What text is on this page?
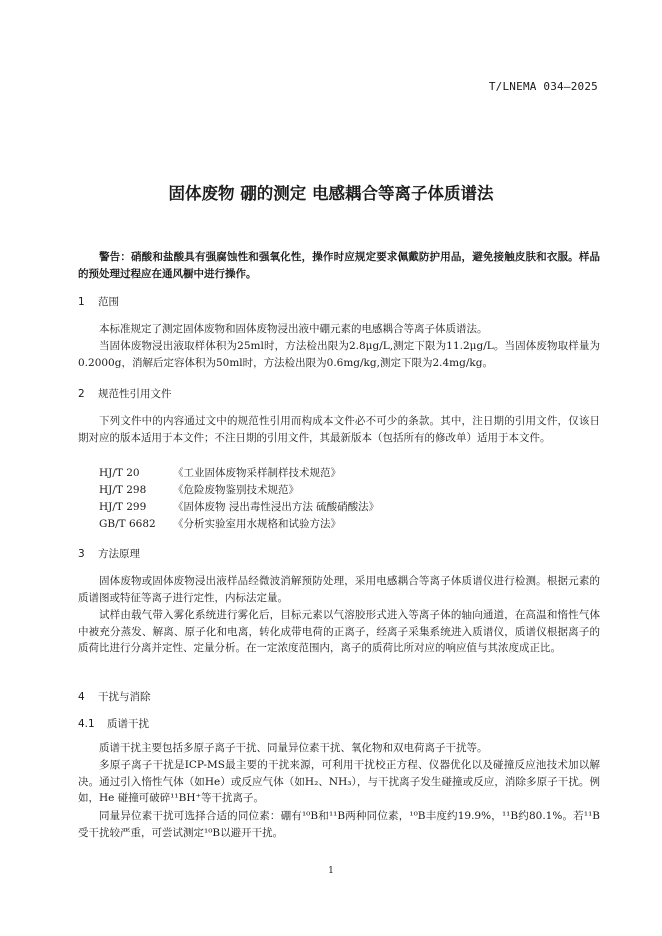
T/LNEMA 034—2025
固体废物 硼的测定 电感耦合等离子体质谱法
警告：硝酸和盐酸具有强腐蚀性和强氧化性，操作时应规定要求佩戴防护用品，避免接触皮肤和衣服。样品的预处理过程应在通风橱中进行操作。
1 范围
本标准规定了测定固体废物和固体废物浸出液中硼元素的电感耦合等离子体质谱法。
当固体废物浸出液取样体积为25ml时，方法检出限为2.8μg/L,测定下限为11.2μg/L。当固体废物取样量为0.2000g，消解后定容体积为50ml时，方法检出限为0.6mg/kg,测定下限为2.4mg/kg。
2 规范性引用文件
下列文件中的内容通过文中的规范性引用而构成本文件必不可少的条款。其中，注日期的引用文件，仅该日期对应的版本适用于本文件；不注日期的引用文件，其最新版本（包括所有的修改单）适用于本文件。
HJ/T 20	《工业固体废物采样制样技术规范》
HJ/T 298	《危险废物鉴别技术规范》
HJ/T 299	《固体废物 浸出毒性浸出方法 硫酸硝酸法》
GB/T 6682 《分析实验室用水规格和试验方法》
3 方法原理
固体废物或固体废物浸出液样品经微波消解预防处理，采用电感耦合等离子体质谱仪进行检测。根据元素的质谱图或特征等离子进行定性，内标法定量。
试样由载气带入雾化系统进行雾化后，目标元素以气溶胶形式进入等离子体的轴向通道，在高温和惰性气体中被充分蒸发、解离、原子化和电离，转化成带电荷的正离子，经离子采集系统进入质谱仪，质谱仪根据离子的质荷比进行分离并定性、定量分析。在一定浓度范围内，离子的质荷比所对应的响应值与其浓度成正比。
4 干扰与消除
4.1 质谱干扰
质谱干扰主要包括多原子离子干扰、同量异位素干扰、氧化物和双电荷离子干扰等。
多原子离子干扰是ICP-MS最主要的干扰来源，可利用干扰校正方程、仪器优化以及碰撞反应池技术加以解决。通过引入惰性气体（如He）或反应气体（如H₂、NH₃），与干扰离子发生碰撞或反应，消除多原子干扰。例如，He 碰撞可破碎¹¹BH⁺等干扰离子。
同量异位素干扰可选择合适的同位素：硼有¹⁰B和¹¹B两种同位素，¹⁰B丰度约19.9%，¹¹B约80.1%。若¹¹B受干扰较严重，可尝试测定¹⁰B以避开干扰。
1
